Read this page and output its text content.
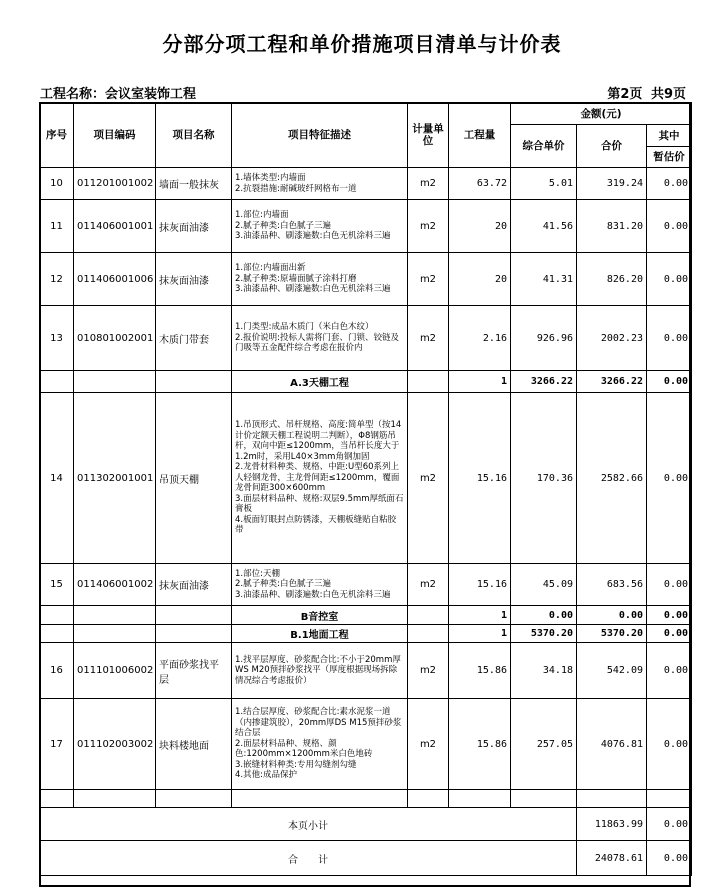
分部分项工程和单价措施项目清单与计价表
工程名称：会议室装饰工程	第2页 共9页
序号	项目编码	项目名称	项目特征描述	计量单位	工程量	金额(元)		
						综合单价	合价	其中
								暂估价
10	011201001002	墙面一般抹灰	1.墙体类型:内墙面
2.抗裂措施:耐碱玻纤网格布一道	m2	63.72	5.01	319.24	0.00
11	011406001001	抹灰面油漆	1.部位:内墙面
2.腻子种类:白色腻子三遍
3.油漆品种、刷漆遍数:白色无机涂料三遍	m2	20	41.56	831.20	0.00
12	011406001006	抹灰面油漆	1.部位:内墙面出新
2.腻子种类:原墙面腻子涂料打磨
3.油漆品种、刷漆遍数:白色无机涂料三遍	m2	20	41.31	826.20	0.00
13	010801002001	木质门带套	1.门类型:成品木质门（米白色木纹）
2.报价说明:投标人需将门套、门锁、铰链及门吸等五金配件综合考虑在报价内	m2	2.16	926.96	2002.23	0.00
			A.3天棚工程		1	3266.22	3266.22	0.00
14	011302001001	吊顶天棚	1.吊顶形式、吊杆规格、高度:简单型（按14计价定额天棚工程说明二判断），Φ8钢筋吊杆，双向中距≤1200mm，当吊杆长度大于1.2m时，采用L40×3mm角钢加固
2.龙骨材料种类、规格、中距:U型60系列上人轻钢龙骨，主龙骨间距≤1200mm，覆面龙骨间距300×600mm
3.面层材料品种、规格:双层9.5mm厚纸面石膏板
4.板面钉眼封点防锈漆，天棚板缝贴自粘胶带	m2	15.16	170.36	2582.66	0.00
15	011406001002	抹灰面油漆	1.部位:天棚
2.腻子种类:白色腻子三遍
3.油漆品种、刷漆遍数:白色无机涂料三遍	m2	15.16	45.09	683.56	0.00
			B音控室		1	0.00	0.00	0.00
			B.1地面工程		1	5370.20	5370.20	0.00
16	011101006002	平面砂浆找平层	1.找平层厚度、砂浆配合比:不小于20mm厚WS M20预拌砂浆找平（厚度根据现场拆除情况综合考虑报价）	m2	15.86	34.18	542.09	0.00
17	011102003002	块料楼地面	1.结合层厚度、砂浆配合比:素水泥浆一道（内掺建筑胶），20mm厚DS M15预拌砂浆结合层
2.面层材料品种、规格、颜色:1200mm×1200mm米白色地砖
3.嵌缝材料种类:专用勾缝剂勾缝
4.其他:成品保护	m2	15.86	257.05	4076.81	0.00

本页小计							11863.99	0.00
合　　计							24078.61	0.00
